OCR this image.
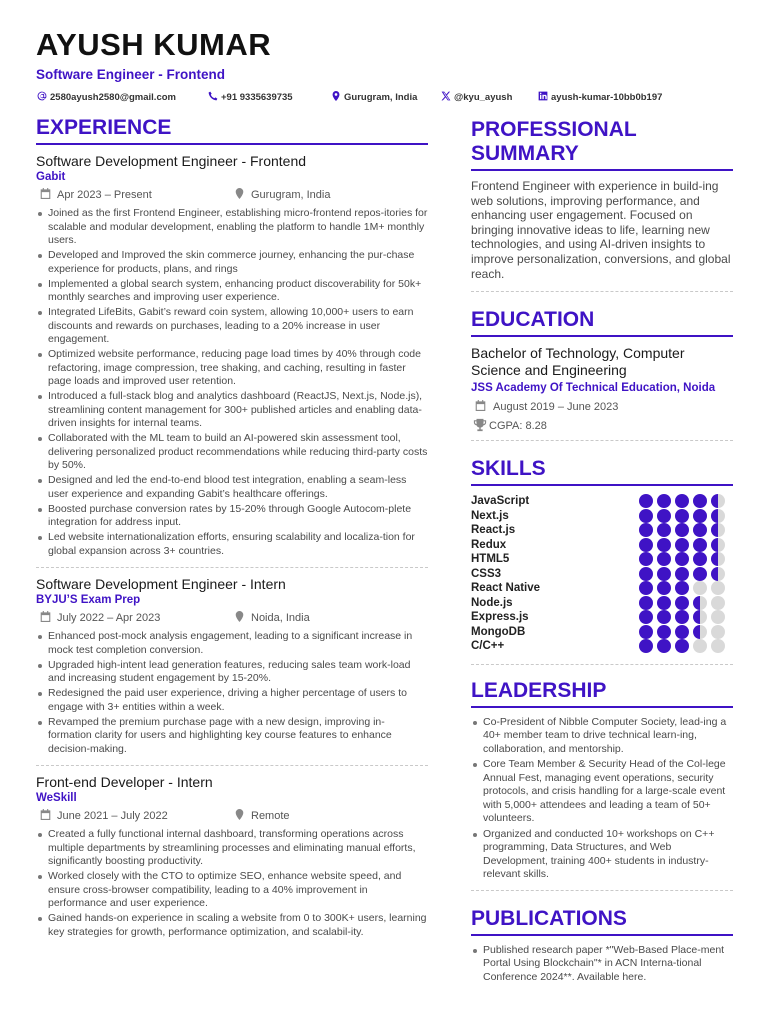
AYUSH KUMAR
Software Engineer - Frontend
2580ayush2580@gmail.com	+91 9335639735	Gurugram, India	@kyu_ayush	ayush-kumar-10bb0b197
EXPERIENCE
Software Development Engineer - Frontend
Gabit
Apr 2023 – Present	Gurugram, India
Joined as the first Frontend Engineer, establishing micro-frontend repos-itories for scalable and modular development, enabling the platform to handle 1M+ monthly users.
Developed and Improved the skin commerce journey, enhancing the pur-chase experience for products, plans, and rings
Implemented a global search system, enhancing product discoverability for 50k+ monthly searches and improving user experience.
Integrated LifeBits, Gabit’s reward coin system, allowing 10,000+ users to earn discounts and rewards on purchases, leading to a 20% increase in user engagement.
Optimized website performance, reducing page load times by 40% through code refactoring, image compression, tree shaking, and caching, resulting in faster page loads and improved user retention.
Introduced a full-stack blog and analytics dashboard (ReactJS, Next.js, Node.js), streamlining content management for 300+ published articles and enabling data-driven insights for internal teams.
Collaborated with the ML team to build an AI-powered skin assessment tool, delivering personalized product recommendations while reducing third-party costs by 50%.
Designed and led the end-to-end blood test integration, enabling a seam-less user experience and expanding Gabit’s healthcare offerings.
Boosted purchase conversion rates by 15-20% through Google Autocom-plete integration for address input.
Led website internationalization efforts, ensuring scalability and localiza-tion for global expansion across 3+ countries.
Software Development Engineer - Intern
BYJU’S Exam Prep
July 2022 – Apr 2023	Noida, India
Enhanced post-mock analysis engagement, leading to a significant increase in mock test completion conversion.
Upgraded high-intent lead generation features, reducing sales team work-load and increasing student engagement by 15-20%.
Redesigned the paid user experience, driving a higher percentage of users to engage with 3+ entities within a week.
Revamped the premium purchase page with a new design, improving in-formation clarity for users and highlighting key course features to enhance decision-making.
Front-end Developer - Intern
WeSkill
June 2021 – July 2022	Remote
Created a fully functional internal dashboard, transforming operations across multiple departments by streamlining processes and eliminating manual efforts, significantly boosting productivity.
Worked closely with the CTO to optimize SEO, enhance website speed, and ensure cross-browser compatibility, leading to a 40% improvement in performance and user experience.
Gained hands-on experience in scaling a website from 0 to 300K+ users, learning key strategies for growth, performance optimization, and scalabil-ity.
PROFESSIONAL SUMMARY
Frontend Engineer with experience in build-ing web solutions, improving performance, and enhancing user engagement. Focused on bringing innovative ideas to life, learning new technologies, and using AI-driven insights to improve personalization, conversions, and global reach.
EDUCATION
Bachelor of Technology, Computer Science and Engineering
JSS Academy Of Technical Education, Noida
August 2019 – June 2023
CGPA: 8.28
SKILLS
JavaScript
Next.js
React.js
Redux
HTML5
CSS3
React Native
Node.js
Express.js
MongoDB
C/C++
LEADERSHIP
Co-President of Nibble Computer Society, lead-ing a 40+ member team to drive technical learn-ing, collaboration, and mentorship.
Core Team Member & Security Head of the Col-lege Annual Fest, managing event operations, security protocols, and crisis handling for a large-scale event with 5,000+ attendees and leading a team of 50+ volunteers.
Organized and conducted 10+ workshops on C++ programming, Data Structures, and Web Development, training 400+ students in industry-relevant skills.
PUBLICATIONS
Published research paper *"Web-Based Place-ment Portal Using Blockchain"* in ACN Interna-tional Conference 2024**. Available here.
